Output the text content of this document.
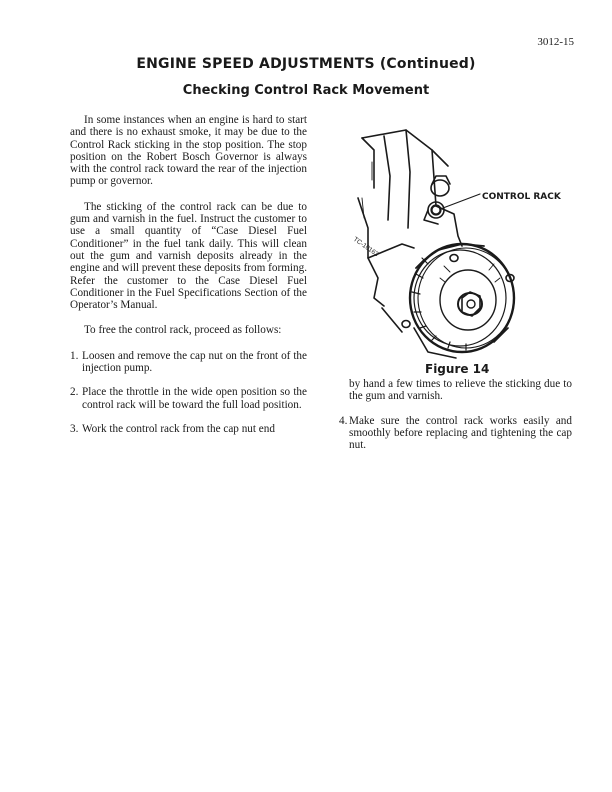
3012-15
ENGINE SPEED ADJUSTMENTS (Continued)
Checking Control Rack Movement

In some instances when an engine is hard to start and there is no exhaust smoke, it may be due to the Control Rack sticking in the stop position. The stop position on the Robert Bosch Governor is always with the control rack toward the rear of the injection pump or governor.

The sticking of the control rack can be due to gum and varnish in the fuel. Instruct the customer to use a small quantity of “Case Diesel Fuel Conditioner” in the fuel tank daily. This will clean out the gum and varnish deposits already in the engine and will prevent these deposits from forming. Refer the customer to the Case Diesel Fuel Conditioner in the Fuel Specifications Section of the Operator’s Manual.

To free the control rack, proceed as follows:

1. Loosen and remove the cap nut on the front of the injection pump.
2. Place the throttle in the wide open position so the control rack will be toward the full load position.
3. Work the control rack from the cap nut end
TC-10163
CONTROL RACK
Figure 14

by hand a few times to relieve the sticking due to the gum and varnish.

4. Make sure the control rack works easily and smoothly before replacing and tightening the cap nut.
